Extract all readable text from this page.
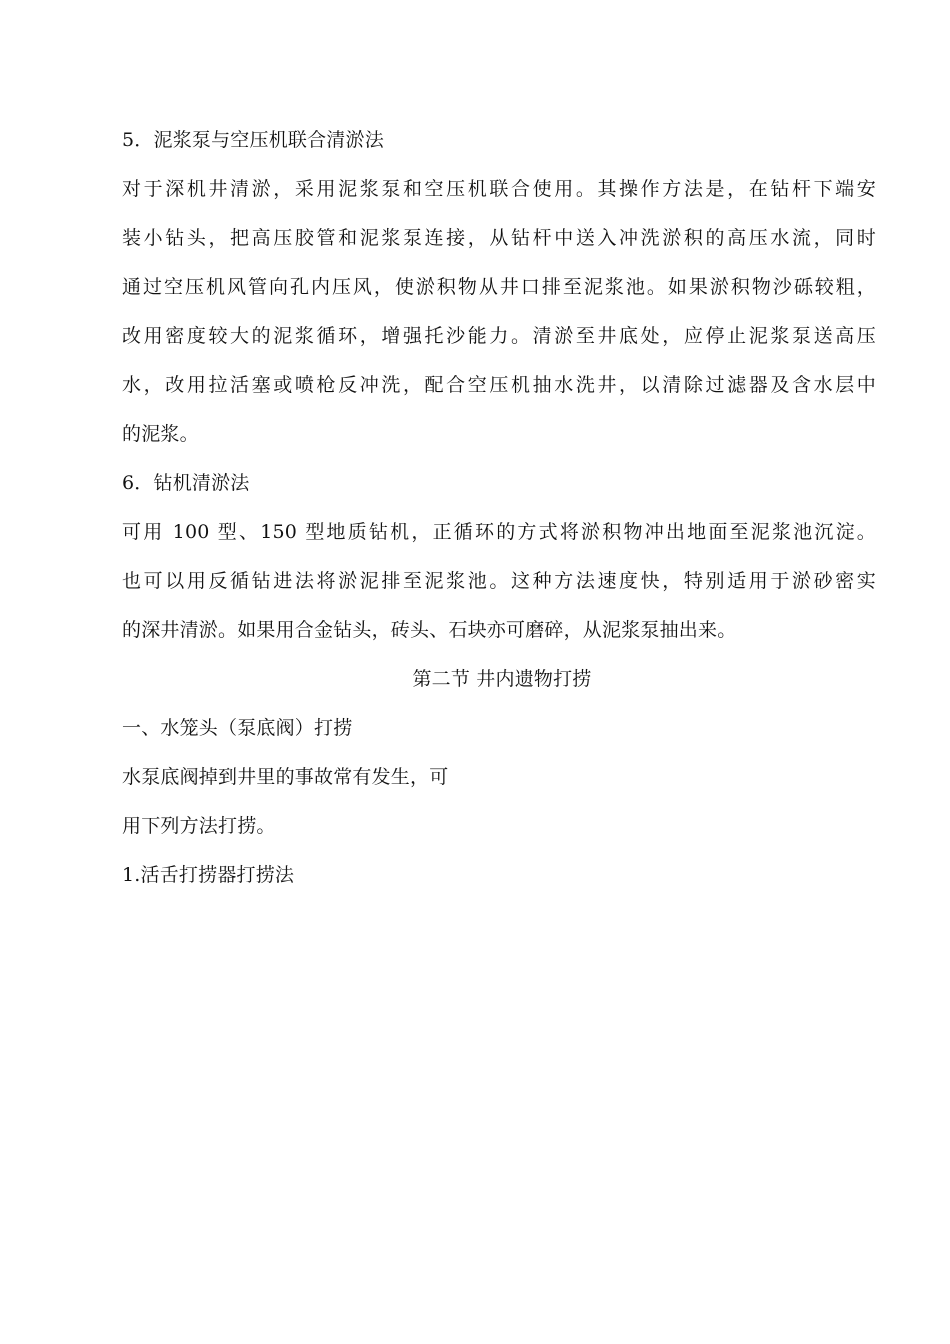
5．泥浆泵与空压机联合清淤法
对于深机井清淤，采用泥浆泵和空压机联合使用。其操作方法是，在钻杆下端安
装小钻头，把高压胶管和泥浆泵连接，从钻杆中送入冲洗淤积的高压水流，同时
通过空压机风管向孔内压风，使淤积物从井口排至泥浆池。如果淤积物沙砾较粗，
改用密度较大的泥浆循环，增强托沙能力。清淤至井底处，应停止泥浆泵送高压
水，改用拉活塞或喷枪反冲洗，配合空压机抽水洗井，以清除过滤器及含水层中
的泥浆。
6．钻机清淤法
可用 100 型、150 型地质钻机，正循环的方式将淤积物冲出地面至泥浆池沉淀。
也可以用反循钻进法将淤泥排至泥浆池。这种方法速度快，特别适用于淤砂密实
的深井清淤。如果用合金钻头，砖头、石块亦可磨碎，从泥浆泵抽出来。
第二节 井内遗物打捞
一、水笼头（泵底阀）打捞
水泵底阀掉到井里的事故常有发生，可
用下列方法打捞。
1.活舌打捞器打捞法
